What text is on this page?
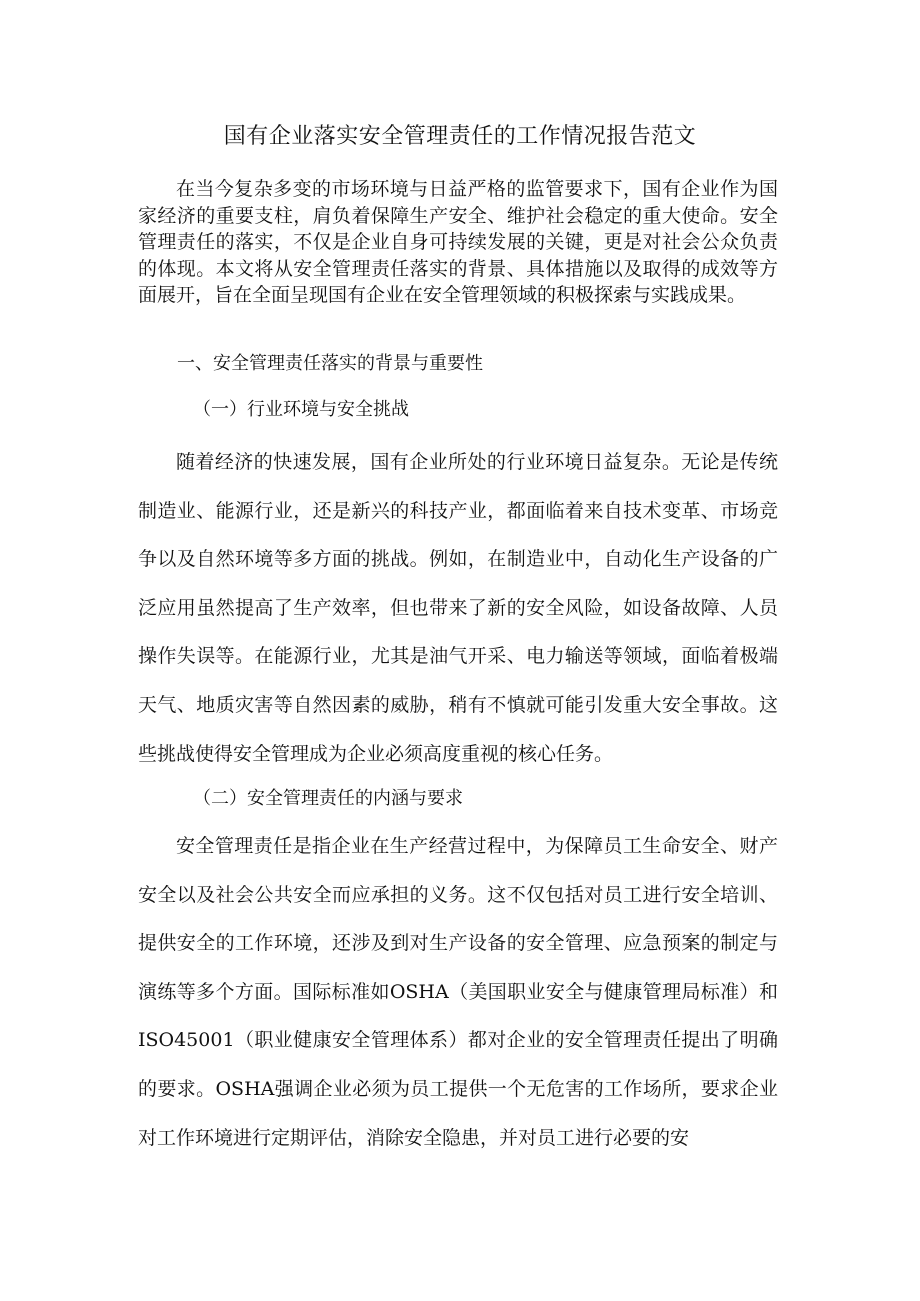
国有企业落实安全管理责任的工作情况报告范文

在当今复杂多变的市场环境与日益严格的监管要求下，国有企业作为国家经济的重要支柱，肩负着保障生产安全、维护社会稳定的重大使命。安全管理责任的落实，不仅是企业自身可持续发展的关键，更是对社会公众负责的体现。本文将从安全管理责任落实的背景、具体措施以及取得的成效等方面展开，旨在全面呈现国有企业在安全管理领域的积极探索与实践成果。

一、安全管理责任落实的背景与重要性

（一）行业环境与安全挑战

随着经济的快速发展，国有企业所处的行业环境日益复杂。无论是传统制造业、能源行业，还是新兴的科技产业，都面临着来自技术变革、市场竞争以及自然环境等多方面的挑战。例如，在制造业中，自动化生产设备的广泛应用虽然提高了生产效率，但也带来了新的安全风险，如设备故障、人员操作失误等。在能源行业，尤其是油气开采、电力输送等领域，面临着极端天气、地质灾害等自然因素的威胁，稍有不慎就可能引发重大安全事故。这些挑战使得安全管理成为企业必须高度重视的核心任务。

（二）安全管理责任的内涵与要求

安全管理责任是指企业在生产经营过程中，为保障员工生命安全、财产安全以及社会公共安全而应承担的义务。这不仅包括对员工进行安全培训、提供安全的工作环境，还涉及到对生产设备的安全管理、应急预案的制定与演练等多个方面。国际标准如OSHA（美国职业安全与健康管理局标准）和ISO45001（职业健康安全管理体系）都对企业的安全管理责任提出了明确的要求。OSHA强调企业必须为员工提供一个无危害的工作场所，要求企业对工作环境进行定期评估，消除安全隐患，并对员工进行必要的安
